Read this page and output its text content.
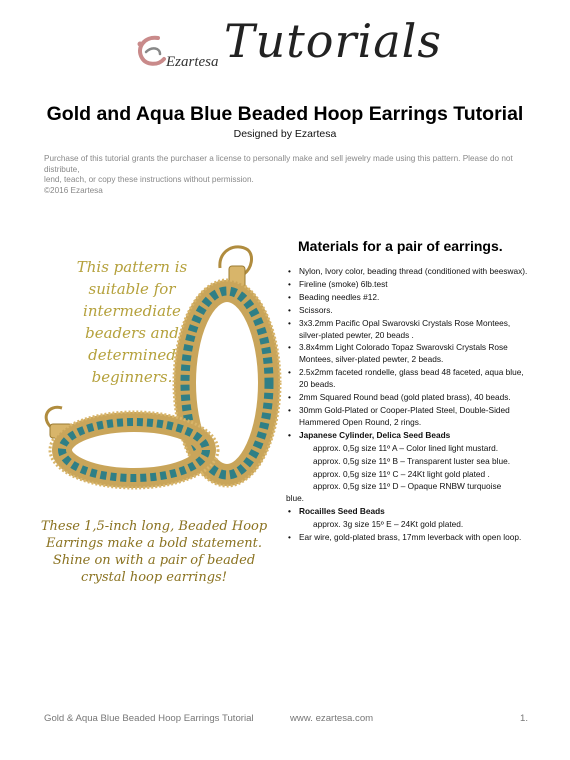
Ezartesa Tutorials
Gold and Aqua Blue Beaded Hoop Earrings Tutorial
Designed by Ezartesa
Purchase of this tutorial grants the purchaser a license to personally make and sell jewelry made using this pattern. Please do not distribute,
lend, teach, or copy these instructions without permission.
©2016 Ezartesa
This pattern is suitable for intermediate beaders and determined beginners.
These 1,5-inch long, Beaded Hoop Earrings make a bold statement. Shine on with a pair of beaded crystal hoop earrings!
Materials for a pair of earrings.
• Nylon, Ivory color, beading thread (conditioned with beeswax).
• Fireline (smoke) 6lb.test
• Beading needles #12.
• Scissors.
• 3x3.2mm Pacific Opal Swarovski Crystals Rose Montees, silver-plated pewter, 20 beads .
• 3.8x4mm Light Colorado Topaz Swarovski Crystals Rose Montees, silver-plated pewter, 2 beads.
• 2.5x2mm faceted rondelle, glass bead 48 faceted, aqua blue, 20 beads.
• 2mm Squared Round bead (gold plated brass), 40 beads.
• 30mm Gold-Plated or Cooper-Plated Steel, Double-Sided Hammered Open Round, 2 rings.
• Japanese Cylinder, Delica Seed Beads
approx. 0,5g size 11º A – Color lined light mustard.
approx. 0,5g size 11º B – Transparent luster sea blue.
approx. 0,5g size 11º C – 24Kt light gold plated .
approx. 0,5g size 11º D – Opaque RNBW turquoise
blue.
• Rocailles Seed Beads
approx. 3g size 15º E – 24Kt gold plated.
• Ear wire, gold-plated brass, 17mm leverback with open loop.
Gold & Aqua Blue Beaded Hoop Earrings Tutorial	www. ezartesa.com	1.
